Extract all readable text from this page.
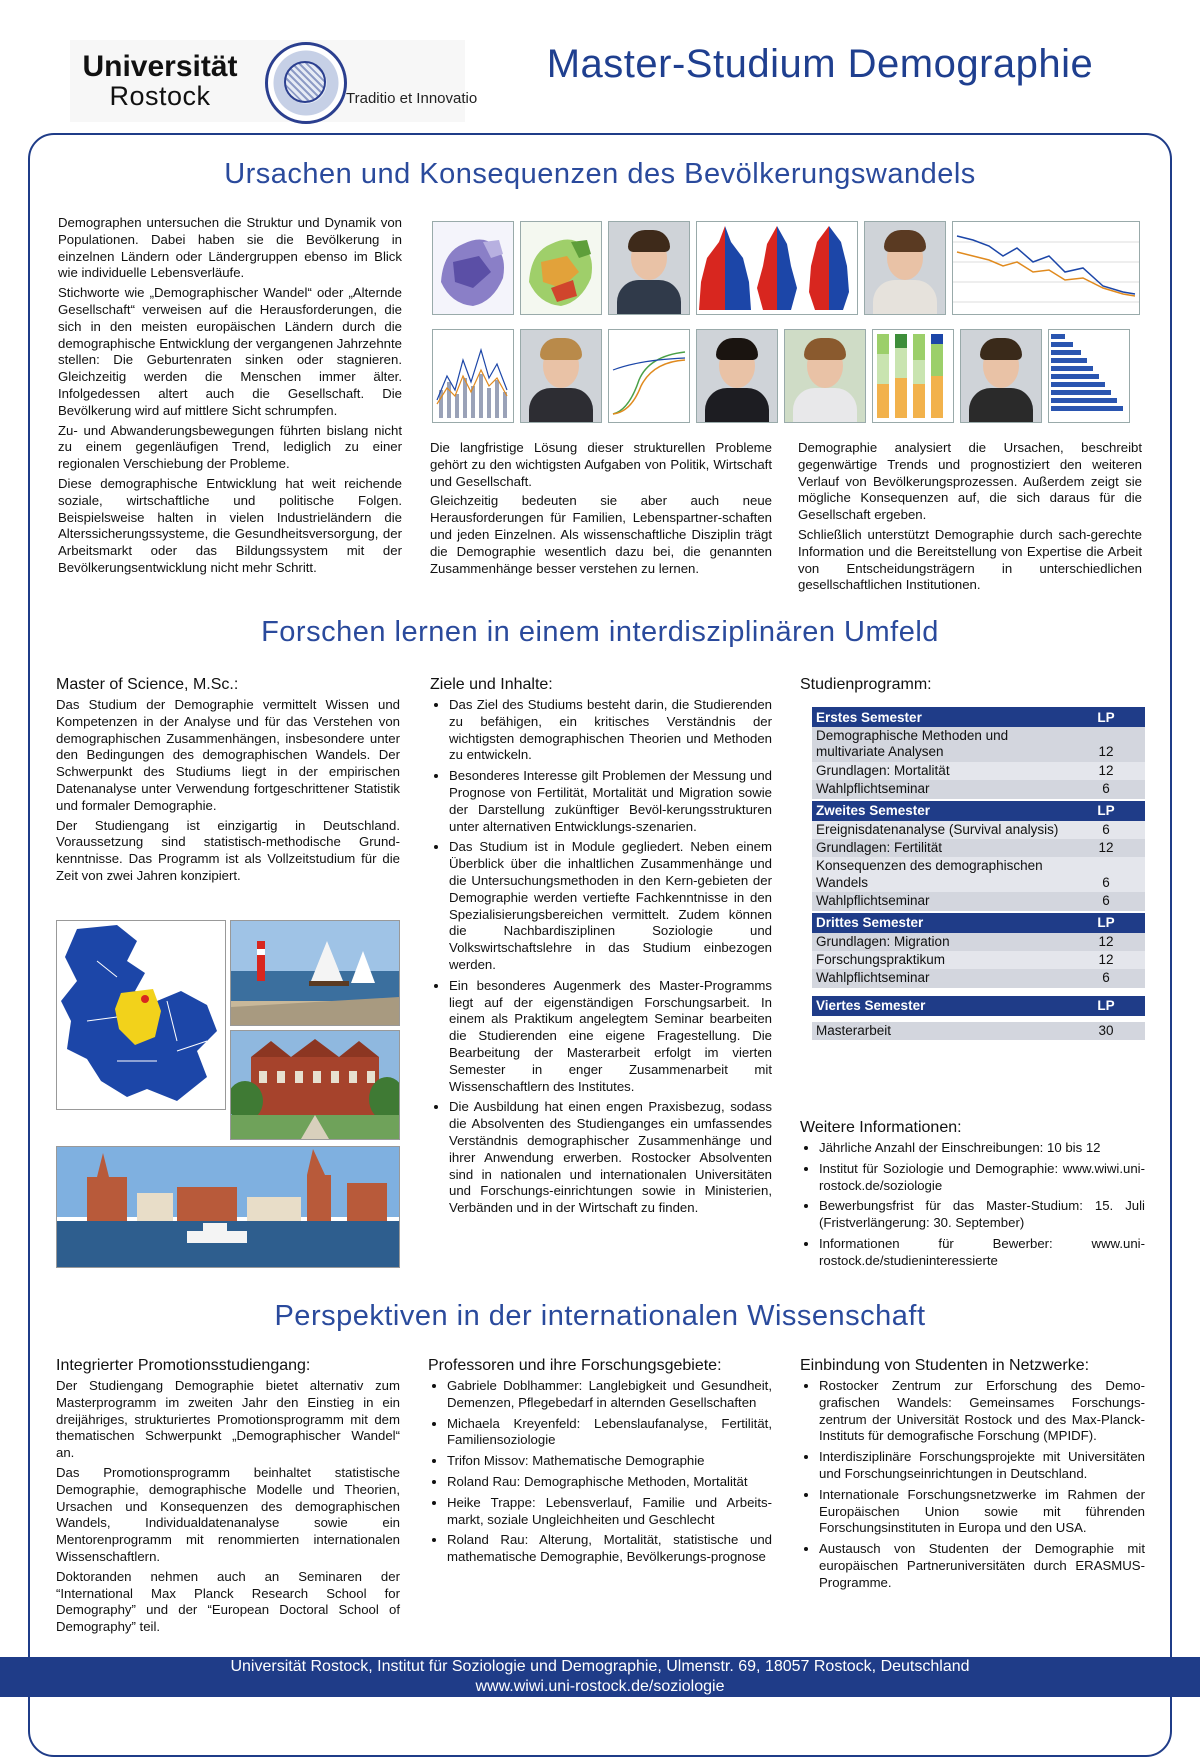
Universität
Rostock	Traditio et Innovatio
Master-Studium Demographie
Ursachen und Konsequenzen des Bevölkerungswandels

Demographen untersuchen die Struktur und Dynamik von Populationen. Dabei haben sie die Bevölkerung in einzelnen Ländern oder Ländergruppen ebenso im Blick wie individuelle Lebensverläufe.

Stichworte wie „Demographischer Wandel“ oder „Alternde Gesellschaft“ verweisen auf die Herausforderungen, die sich in den meisten europäischen Ländern durch die demographische Entwicklung der vergangenen Jahrzehnte stellen: Die Geburtenraten sinken oder stagnieren. Gleichzeitig werden die Menschen immer älter. Infolgedessen altert auch die Gesellschaft. Die Bevölkerung wird auf mittlere Sicht schrumpfen.

Zu- und Abwanderungsbewegungen führten bislang nicht zu einem gegenläufigen Trend, lediglich zu einer regionalen Verschiebung der Probleme.

Diese demographische Entwicklung hat weit reichende soziale, wirtschaftliche und politische Folgen. Beispielsweise halten in vielen Industrieländern die Alterssicherungssysteme, die Gesundheitsversorgung, der Arbeitsmarkt oder das Bildungssystem mit der Bevölkerungsentwicklung nicht mehr Schritt.

Die langfristige Lösung dieser strukturellen Probleme gehört zu den wichtigsten Aufgaben von Politik, Wirtschaft und Gesellschaft.

Gleichzeitig bedeuten sie aber auch neue Herausforderungen für Familien, Lebenspartner-schaften und jeden Einzelnen. Als wissenschaftliche Disziplin trägt die Demographie wesentlich dazu bei, die genannten Zusammenhänge besser verstehen zu lernen.

Demographie analysiert die Ursachen, beschreibt gegenwärtige Trends und prognostiziert den weiteren Verlauf von Bevölkerungsprozessen. Außerdem zeigt sie mögliche Konsequenzen auf, die sich daraus für die Gesellschaft ergeben.

Schließlich unterstützt Demographie durch sach-gerechte Information und die Bereitstellung von Expertise die Arbeit von Entscheidungsträgern in unterschiedlichen gesellschaftlichen Institutionen.

Forschen lernen in einem interdisziplinären Umfeld
Master of Science, M.Sc.:

Das Studium der Demographie vermittelt Wissen und Kompetenzen in der Analyse und für das Verstehen von demographischen Zusammenhängen, insbesondere unter den Bedingungen des demographischen Wandels. Der Schwerpunkt des Studiums liegt in der empirischen Datenanalyse unter Verwendung fortgeschrittener Statistik und formaler Demographie.

Der Studiengang ist einzigartig in Deutschland. Voraussetzung sind statistisch-methodische Grund-kenntnisse. Das Programm ist als Vollzeitstudium für die Zeit von zwei Jahren konzipiert.

Ziele und Inhalte:
• Das Ziel des Studiums besteht darin, die Studierenden zu befähigen, ein kritisches Verständnis der wichtigsten demographischen Theorien und Methoden zu entwickeln.
• Besonderes Interesse gilt Problemen der Messung und Prognose von Fertilität, Mortalität und Migration sowie der Darstellung zukünftiger Bevöl-kerungsstrukturen unter alternativen Entwicklungs-szenarien.
• Das Studium ist in Module gegliedert. Neben einem Überblick über die inhaltlichen Zusammenhänge und die Untersuchungsmethoden in den Kern-gebieten der Demographie werden vertiefte Fachkenntnisse in den Spezialisierungsbereichen vermittelt. Zudem können die Nachbardisziplinen Soziologie und Volkswirtschaftslehre in das Studium einbezogen werden.
• Ein besonderes Augenmerk des Master-Programms liegt auf der eigenständigen Forschungsarbeit. In einem als Praktikum angelegtem Seminar bearbeiten die Studierenden eine eigene Fragestellung. Die Bearbeitung der Masterarbeit erfolgt im vierten Semester in enger Zusammenarbeit mit Wissenschaftlern des Institutes.
• Die Ausbildung hat einen engen Praxisbezug, sodass die Absolventen des Studienganges ein umfassendes Verständnis demographischer Zusammenhänge und ihrer Anwendung erwerben. Rostocker Absolventen sind in nationalen und internationalen Universitäten und Forschungs-einrichtungen sowie in Ministerien, Verbänden und in der Wirtschaft zu finden.
Studienprogramm:
Erstes Semester	LP
Demographische Methoden und multivariate Analysen	12
Grundlagen: Mortalität	12
Wahlpflichtseminar	6
Zweites Semester	LP
Ereignisdatenanalyse (Survival analysis)	6
Grundlagen: Fertilität	12
Konsequenzen des demographischen Wandels	6
Wahlpflichtseminar	6
Drittes Semester	LP
Grundlagen: Migration	12
Forschungspraktikum	12
Wahlpflichtseminar	6

Viertes Semester	LP

Masterarbeit	30
Weitere Informationen:
• Jährliche Anzahl der Einschreibungen: 10 bis 12
• Institut für Soziologie und Demographie: www.wiwi.uni-rostock.de/soziologie
• Bewerbungsfrist für das Master-Studium: 15. Juli (Fristverlängerung: 30. September)
• Informationen für Bewerber: www.uni-rostock.de/studieninteressierte
Perspektiven in der internationalen Wissenschaft
Integrierter Promotionsstudiengang:

Der Studiengang Demographie bietet alternativ zum Masterprogramm im zweiten Jahr den Einstieg in ein dreijähriges, strukturiertes Promotionsprogramm mit dem thematischen Schwerpunkt „Demographischer Wandel“ an.

Das Promotionsprogramm beinhaltet statistische Demographie, demographische Modelle und Theorien, Ursachen und Konsequenzen des demographischen Wandels, Individualdatenanalyse sowie ein Mentorenprogramm mit renommierten internationalen Wissenschaftlern.

Doktoranden nehmen auch an Seminaren der “International Max Planck Research School for Demography” und der “European Doctoral School of Demography” teil.

Professoren und ihre Forschungsgebiete:
• Gabriele Doblhammer: Langlebigkeit und Gesundheit, Demenzen, Pflegebedarf in alternden Gesellschaften
• Michaela Kreyenfeld: Lebenslaufanalyse, Fertilität, Familiensoziologie
• Trifon Missov: Mathematische Demographie
• Roland Rau: Demographische Methoden, Mortalität
• Heike Trappe: Lebensverlauf, Familie und Arbeits-markt, soziale Ungleichheiten und Geschlecht
• Roland Rau: Alterung, Mortalität, statistische und mathematische Demographie, Bevölkerungs-prognose
Einbindung von Studenten in Netzwerke:
• Rostocker Zentrum zur Erforschung des Demo-grafischen Wandels: Gemeinsames Forschungs-zentrum der Universität Rostock und des Max-Planck-Instituts für demografische Forschung (MPIDF).
• Interdisziplinäre Forschungsprojekte mit Universitäten und Forschungseinrichtungen in Deutschland.
• Internationale Forschungsnetzwerke im Rahmen der Europäischen Union sowie mit führenden Forschungsinstituten in Europa und den USA.
• Austausch von Studenten der Demographie mit europäischen Partneruniversitäten durch ERASMUS-Programme.
Universität Rostock, Institut für Soziologie und Demographie, Ulmenstr. 69, 18057 Rostock, Deutschland
www.wiwi.uni-rostock.de/soziologie
